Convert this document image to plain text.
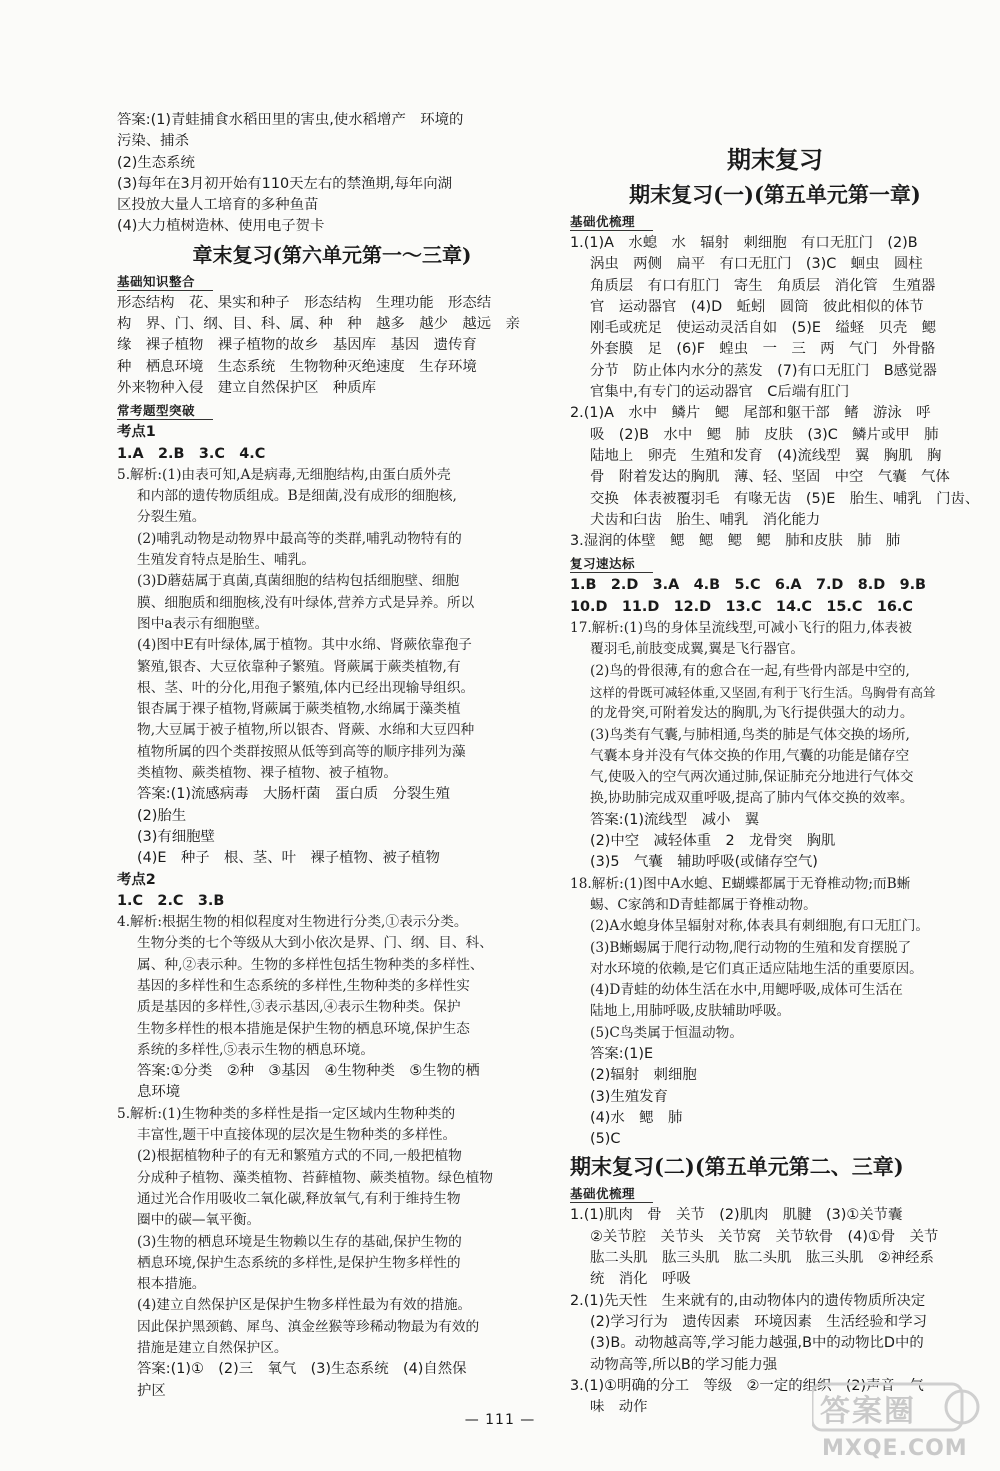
答案:(1)青蛙捕食水稻田里的害虫,使水稻增产　环境的

污染、捕杀

(2)生态系统

(3)每年在3月初开始有110天左右的禁渔期,每年向湖

区投放大量人工培育的多种鱼苗

(4)大力植树造林、使用电子贺卡

章末复习(第六单元第一～三章)

基础知识整合

形态结构　花、果实和种子　形态结构　生理功能　形态结

构　界、门、纲、目、科、属、种　种　越多　越少　越远　亲

缘　裸子植物　裸子植物的故乡　基因库　基因　遗传育

种　栖息环境　生态系统　生物物种灭绝速度　生存环境

外来物种入侵　建立自然保护区　种质库

常考题型突破

考点1

1.A　2.B　3.C　4.C

5.解析:(1)由表可知,A是病毒,无细胞结构,由蛋白质外壳

和内部的遗传物质组成。B是细菌,没有成形的细胞核,

分裂生殖。

(2)哺乳动物是动物界中最高等的类群,哺乳动物特有的

生殖发育特点是胎生、哺乳。

(3)D蘑菇属于真菌,真菌细胞的结构包括细胞壁、细胞

膜、细胞质和细胞核,没有叶绿体,营养方式是异养。所以

图中a表示有细胞壁。

(4)图中E有叶绿体,属于植物。其中水绵、肾蕨依靠孢子

繁殖,银杏、大豆依靠种子繁殖。肾蕨属于蕨类植物,有

根、茎、叶的分化,用孢子繁殖,体内已经出现输导组织。

银杏属于裸子植物,肾蕨属于蕨类植物,水绵属于藻类植

物,大豆属于被子植物,所以银杏、肾蕨、水绵和大豆四种

植物所属的四个类群按照从低等到高等的顺序排列为藻

类植物、蕨类植物、裸子植物、被子植物。

答案:(1)流感病毒　大肠杆菌　蛋白质　分裂生殖

(2)胎生

(3)有细胞壁

(4)E　种子　根、茎、叶　裸子植物、被子植物

考点2

1.C　2.C　3.B

4.解析:根据生物的相似程度对生物进行分类,①表示分类。

生物分类的七个等级从大到小依次是界、门、纲、目、科、

属、种,②表示种。生物的多样性包括生物种类的多样性、

基因的多样性和生态系统的多样性,生物种类的多样性实

质是基因的多样性,③表示基因,④表示生物种类。保护

生物多样性的根本措施是保护生物的栖息环境,保护生态

系统的多样性,⑤表示生物的栖息环境。

答案:①分类　②种　③基因　④生物种类　⑤生物的栖

息环境

5.解析:(1)生物种类的多样性是指一定区域内生物种类的

丰富性,题干中直接体现的层次是生物种类的多样性。

(2)根据植物种子的有无和繁殖方式的不同,一般把植物

分成种子植物、藻类植物、苔藓植物、蕨类植物。绿色植物

通过光合作用吸收二氧化碳,释放氧气,有利于维持生物

圈中的碳—氧平衡。

(3)生物的栖息环境是生物赖以生存的基础,保护生物的

栖息环境,保护生态系统的多样性,是保护生物多样性的

根本措施。

(4)建立自然保护区是保护生物多样性最为有效的措施。

因此保护黑颈鹤、犀鸟、滇金丝猴等珍稀动物最为有效的

措施是建立自然保护区。

答案:(1)①　(2)三　氧气　(3)生态系统　(4)自然保

护区

期末复习

期末复习(一)(第五单元第一章)

基础优梳理

1.(1)A　水螅　水　辐射　刺细胞　有口无肛门　(2)B

涡虫　两侧　扁平　有口无肛门　(3)C　蛔虫　圆柱

角质层　有口有肛门　寄生　角质层　消化管　生殖器

官　运动器官　(4)D　蚯蚓　圆筒　彼此相似的体节

刚毛或疣足　使运动灵活自如　(5)E　缢蛏　贝壳　鳃

外套膜　足　(6)F　蝗虫　一　三　两　气门　外骨骼

分节　防止体内水分的蒸发　(7)有口无肛门　B感觉器

官集中,有专门的运动器官　C后端有肛门

2.(1)A　水中　鳞片　鳃　尾部和躯干部　鳍　游泳　呼

吸　(2)B　水中　鳃　肺　皮肤　(3)C　鳞片或甲　肺

陆地上　卵壳　生殖和发育　(4)流线型　翼　胸肌　胸

骨　附着发达的胸肌　薄、轻、坚固　中空　气囊　气体

交换　体表被覆羽毛　有喙无齿　(5)E　胎生、哺乳　门齿、

犬齿和臼齿　胎生、哺乳　消化能力

3.湿润的体壁　鳃　鳃　鳃　鳃　肺和皮肤　肺　肺

复习速达标

1.B　2.D　3.A　4.B　5.C　6.A　7.D　8.D　9.B

10.D　11.D　12.D　13.C　14.C　15.C　16.C

17.解析:(1)鸟的身体呈流线型,可减小飞行的阻力,体表被

覆羽毛,前肢变成翼,翼是飞行器官。

(2)鸟的骨很薄,有的愈合在一起,有些骨内部是中空的,

这样的骨既可减轻体重,又坚固,有利于飞行生活。鸟胸骨有高耸

的龙骨突,可附着发达的胸肌,为飞行提供强大的动力。

(3)鸟类有气囊,与肺相通,鸟类的肺是气体交换的场所,

气囊本身并没有气体交换的作用,气囊的功能是储存空

气,使吸入的空气两次通过肺,保证肺充分地进行气体交

换,协助肺完成双重呼吸,提高了肺内气体交换的效率。

答案:(1)流线型　减小　翼

(2)中空　减轻体重　2　龙骨突　胸肌

(3)5　气囊　辅助呼吸(或储存空气)

18.解析:(1)图中A水螅、E蝴蝶都属于无脊椎动物;而B蜥

蜴、C家鸽和D青蛙都属于脊椎动物。

(2)A水螅身体呈辐射对称,体表具有刺细胞,有口无肛门。

(3)B蜥蜴属于爬行动物,爬行动物的生殖和发育摆脱了

对水环境的依赖,是它们真正适应陆地生活的重要原因。

(4)D青蛙的幼体生活在水中,用鳃呼吸,成体可生活在

陆地上,用肺呼吸,皮肤辅助呼吸。

(5)C鸟类属于恒温动物。

答案:(1)E

(2)辐射　刺细胞

(3)生殖发育

(4)水　鳃　肺

(5)C

期末复习(二)(第五单元第二、三章)

基础优梳理

1.(1)肌肉　骨　关节　(2)肌肉　肌腱　(3)①关节囊

②关节腔　关节头　关节窝　关节软骨　(4)①骨　关节

肱二头肌　肱三头肌　肱二头肌　肱三头肌　②神经系

统　消化　呼吸

2.(1)先天性　生来就有的,由动物体内的遗传物质所决定

(2)学习行为　遗传因素　环境因素　生活经验和学习

(3)B。动物越高等,学习能力越强,B中的动物比D中的

动物高等,所以B的学习能力强

3.(1)①明确的分工　等级　②一定的组织　(2)声音　气

味　动作

— 111 —	答案圈
MXQE.COM
